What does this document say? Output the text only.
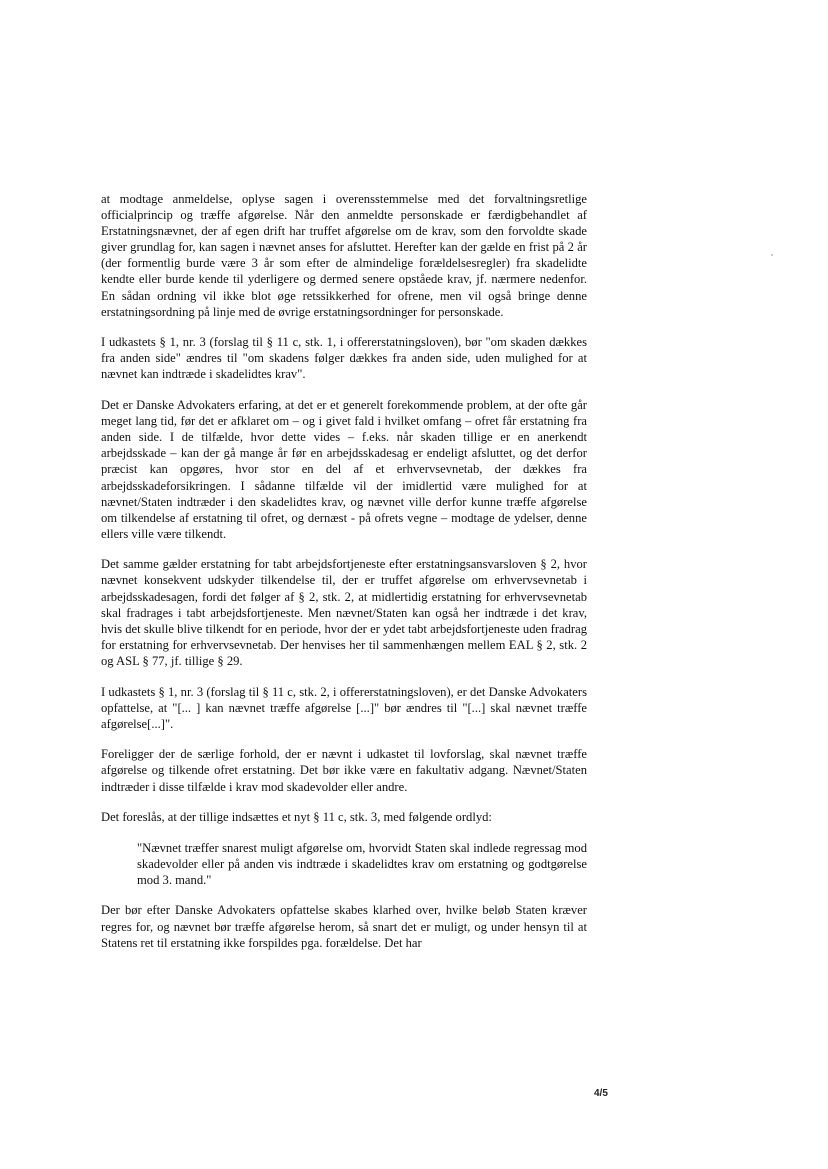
at modtage anmeldelse, oplyse sagen i overensstemmelse med det forvaltningsretlige officialprincip og træffe afgørelse. Når den anmeldte personskade er færdigbehandlet af Erstatningsnævnet, der af egen drift har truffet afgørelse om de krav, som den forvoldte skade giver grundlag for, kan sagen i nævnet anses for afsluttet. Herefter kan der gælde en frist på 2 år (der formentlig burde være 3 år som efter de almindelige forældelsesregler) fra skadelidte kendte eller burde kende til yderligere og dermed senere opståede krav, jf. nærmere nedenfor. En sådan ordning vil ikke blot øge retssikkerhed for ofrene, men vil også bringe denne erstatningsordning på linje med de øvrige erstatningsordninger for personskade.

I udkastets § 1, nr. 3 (forslag til § 11 c, stk. 1, i offererstatningsloven), bør "om skaden dækkes fra anden side" ændres til "om skadens følger dækkes fra anden side, uden mulighed for at nævnet kan indtræde i skadelidtes krav".

Det er Danske Advokaters erfaring, at det er et generelt forekommende problem, at der ofte går meget lang tid, før det er afklaret om – og i givet fald i hvilket omfang – ofret får erstatning fra anden side. I de tilfælde, hvor dette vides – f.eks. når skaden tillige er en anerkendt arbejdsskade – kan der gå mange år før en arbejdsskadesag er endeligt afsluttet, og det derfor præcist kan opgøres, hvor stor en del af et erhvervsevnetab, der dækkes fra arbejdsskadeforsikringen. I sådanne tilfælde vil der imidlertid være mulighed for at nævnet/Staten indtræder i den skadelidtes krav, og nævnet ville derfor kunne træffe afgørelse om tilkendelse af erstatning til ofret, og dernæst - på ofrets vegne – modtage de ydelser, denne ellers ville være tilkendt.

Det samme gælder erstatning for tabt arbejdsfortjeneste efter erstatningsansvarsloven § 2, hvor nævnet konsekvent udskyder tilkendelse til, der er truffet afgørelse om erhvervsevnetab i arbejdsskadesagen, fordi det følger af § 2, stk. 2, at midlertidig erstatning for erhvervsevnetab skal fradrages i tabt arbejdsfortjeneste. Men nævnet/Staten kan også her indtræde i det krav, hvis det skulle blive tilkendt for en periode, hvor der er ydet tabt arbejdsfortjeneste uden fradrag for erstatning for erhvervsevnetab. Der henvises her til sammenhængen mellem EAL § 2, stk. 2 og ASL § 77, jf. tillige § 29.

I udkastets § 1, nr. 3 (forslag til § 11 c, stk. 2, i offererstatningsloven), er det Danske Advokaters opfattelse, at "[... ] kan nævnet træffe afgørelse [...]" bør ændres til "[...] skal nævnet træffe afgørelse[...]".

Foreligger der de særlige forhold, der er nævnt i udkastet til lovforslag, skal nævnet træffe afgørelse og tilkende ofret erstatning. Det bør ikke være en fakultativ adgang. Nævnet/Staten indtræder i disse tilfælde i krav mod skadevolder eller andre.

Det foreslås, at der tillige indsættes et nyt § 11 c, stk. 3, med følgende ordlyd:

"Nævnet træffer snarest muligt afgørelse om, hvorvidt Staten skal indlede regressag mod skadevolder eller på anden vis indtræde i skadelidtes krav om erstatning og godtgørelse mod 3. mand."

Der bør efter Danske Advokaters opfattelse skabes klarhed over, hvilke beløb Staten kræver regres for, og nævnet bør træffe afgørelse herom, så snart det er muligt, og under hensyn til at Statens ret til erstatning ikke forspildes pga. forældelse. Det har

4/5
